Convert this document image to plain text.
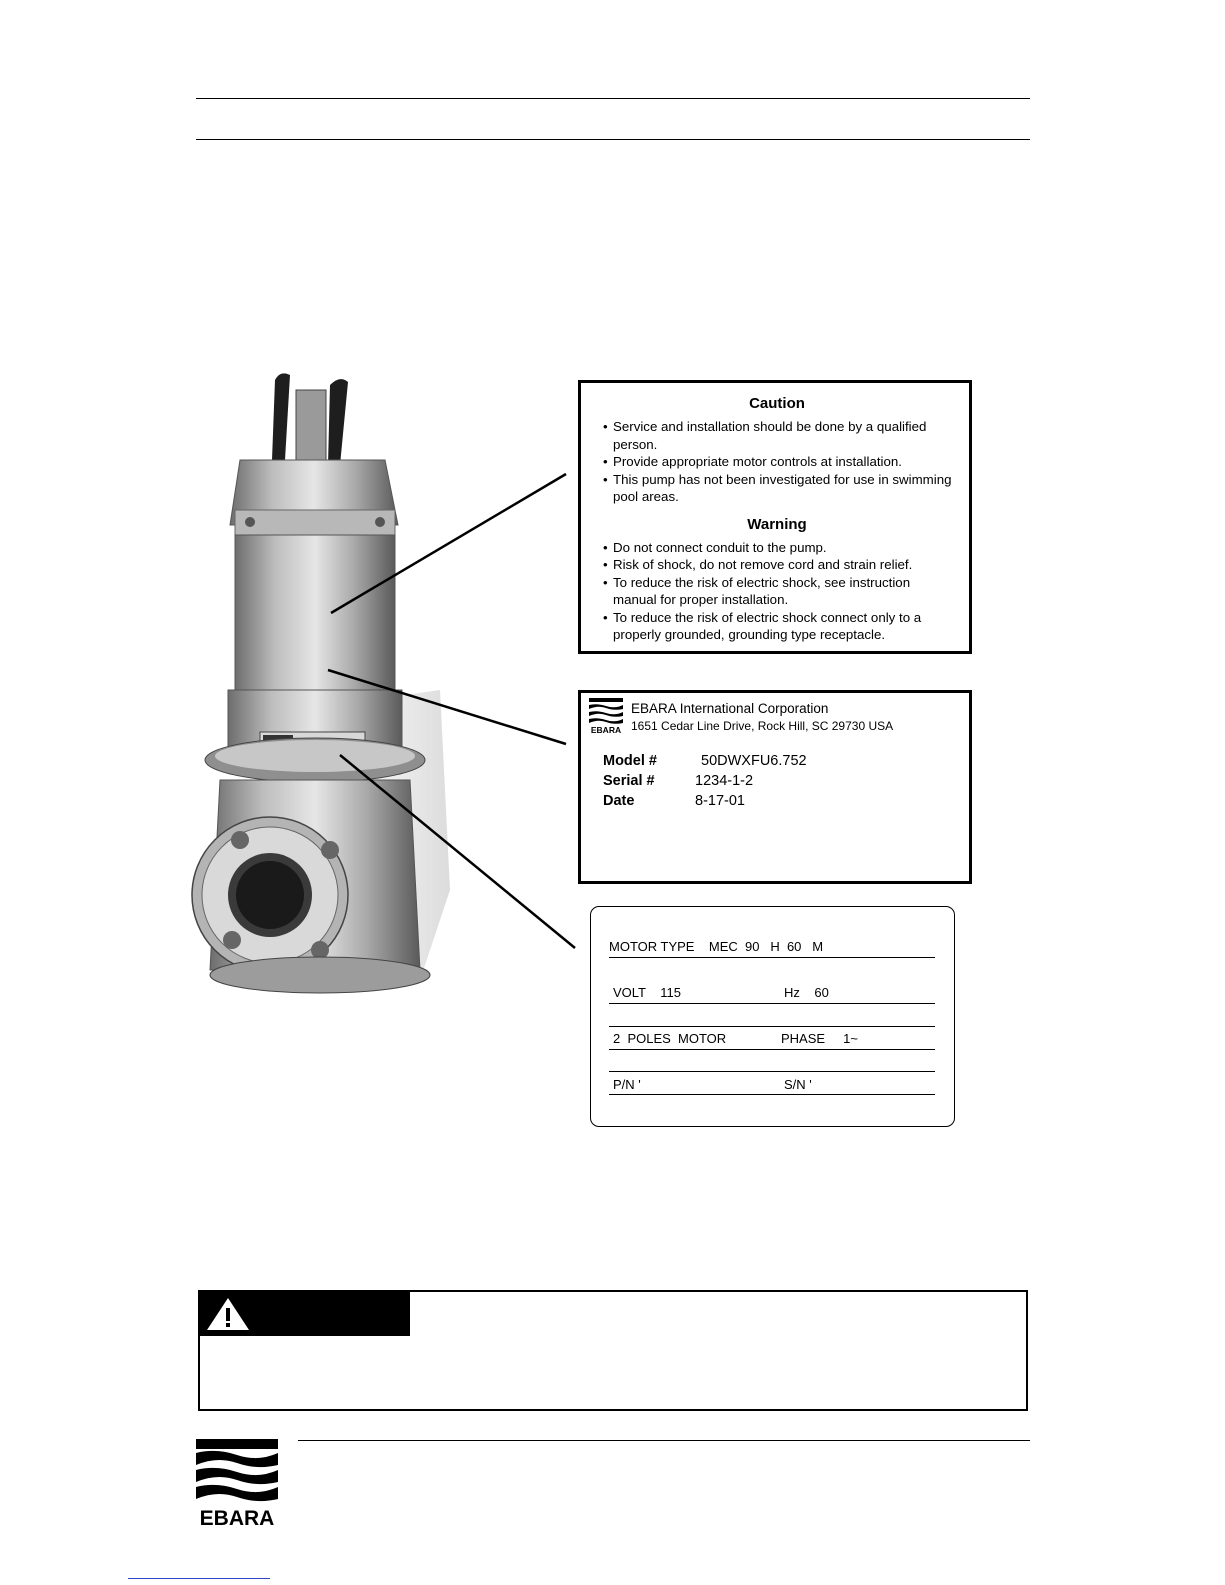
Caution
• Service and installation should be done by a qualified person.
• Provide appropriate motor controls at installation.
• This pump has not been investigated for use in swimming pool areas.
Warning
• Do not connect conduit to the pump.
• Risk of shock, do not remove cord and strain relief.
• To reduce the risk of electric shock, see instruction manual for proper installation.
• To reduce the risk of electric shock connect only to a properly grounded, grounding type receptacle.
EBARA
EBARA International Corporation
1651 Cedar Line Drive, Rock Hill, SC 29730 USA
Model #	50DWXFU6.752
Serial #	1234-1-2
Date	8-17-01
MOTOR TYPE    MEC  90   H  60   M
VOLT    115	Hz    60
2  POLES  MOTOR	PHASE     1~
P/N '	S/N '
EBARA
